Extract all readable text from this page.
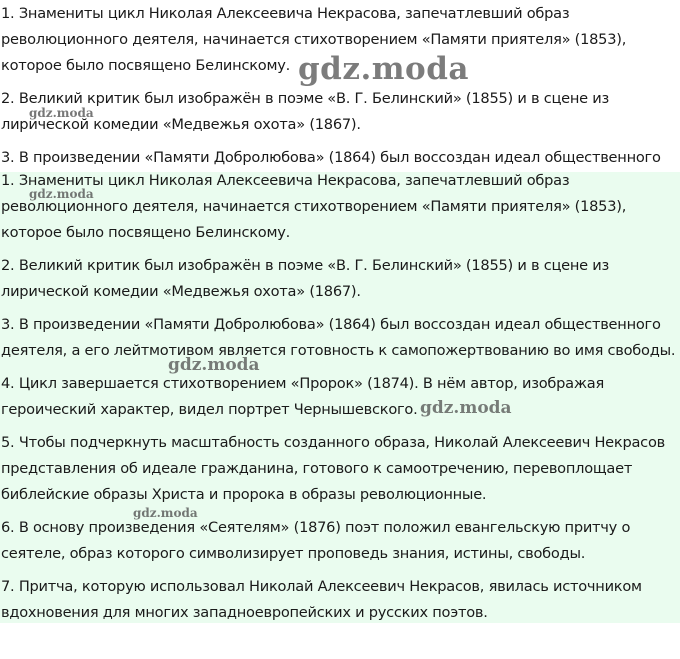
1. Знамениты цикл Николая Алексеевича Некрасова, запечатлевший образ

революционного деятеля, начинается стихотворением «Памяти приятеля» (1853),

которое было посвящено Белинскому.

2. Великий критик был изображён в поэме «В. Г. Белинский» (1855) и в сцене из

лирической комедии «Медвежья охота» (1867).

3. В произведении «Памяти Добролюбова» (1864) был воссоздан идеал общественного

1. Знамениты цикл Николая Алексеевича Некрасова, запечатлевший образ

революционного деятеля, начинается стихотворением «Памяти приятеля» (1853),

которое было посвящено Белинскому.

2. Великий критик был изображён в поэме «В. Г. Белинский» (1855) и в сцене из

лирической комедии «Медвежья охота» (1867).

3. В произведении «Памяти Добролюбова» (1864) был воссоздан идеал общественного

деятеля, а его лейтмотивом является готовность к самопожертвованию во имя свободы.

4. Цикл завершается стихотворением «Пророк» (1874). В нём автор, изображая

героический характер, видел портрет Чернышевского.

5. Чтобы подчеркнуть масштабность созданного образа, Николай Алексеевич Некрасов

представления об идеале гражданина, готового к самоотречению, перевоплощает

библейские образы Христа и пророка в образы революционные.

6. В основу произведения «Сеятелям» (1876) поэт положил евангельскую притчу о

сеятеле, образ которого символизирует проповедь знания, истины, свободы.

7. Притча, которую использовал Николай Алексеевич Некрасов, явилась источником

вдохновения для многих западноевропейских и русских поэтов.

gdz.moda
gdz.moda
gdz.moda
gdz.moda
gdz.moda
gdz.moda
